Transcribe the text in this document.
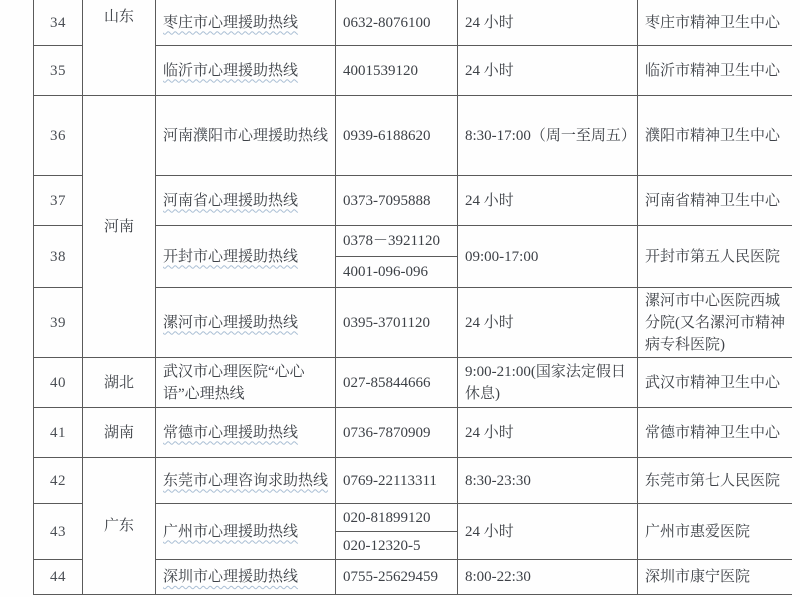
34
35
36
37
38
39
40
41
42
43
44
山东
河南
湖北
湖南
广东
枣庄市心理援助热线
临沂市心理援助热线
河南濮阳市心理援助热线
河南省心理援助热线
开封市心理援助热线
漯河市心理援助热线
武汉市心理医院“心心语”心理热线
常德市心理援助热线
东莞市心理咨询求助热线
广州市心理援助热线
深圳市心理援助热线
0632-8076100
4001539120
0939-6188620
0373-7095888
0378－3921120
4001-096-096
0395-3701120
027-85844666
0736-7870909
0769-22113311
020-81899120
020-12320-5
0755-25629459
24 小时
24 小时
8:30-17:00（周一至周五）
24 小时
09:00-17:00
24 小时
9:00-21:00(国家法定假日休息)
24 小时
8:30-23:30
24 小时
8:00-22:30
枣庄市精神卫生中心
临沂市精神卫生中心
濮阳市精神卫生中心
河南省精神卫生中心
开封市第五人民医院
漯河市中心医院西城分院(又名漯河市精神病专科医院)
武汉市精神卫生中心
常德市精神卫生中心
东莞市第七人民医院
广州市惠爱医院
深圳市康宁医院
